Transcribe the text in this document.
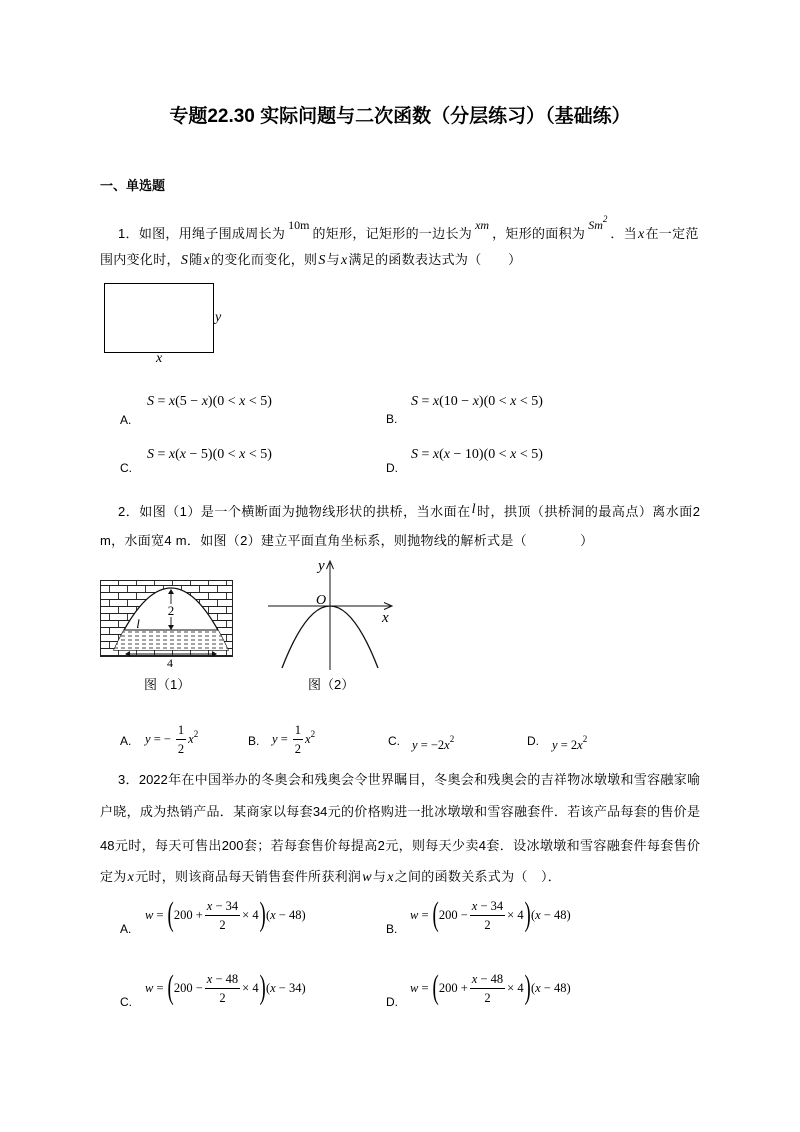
专题22.30 实际问题与二次函数（分层练习）（基础练）
一、单选题
1．如图，用绳子围成周长为10m的矩形，记矩形的一边长为xm，矩形的面积为Sm$^2$．当x在一定范
围内变化时，S随x的变化而变化，则S与x满足的函数表达式为（　　）
y
x
A.
S = x(5 − x)(0 < x < 5)
B.
S = x(10 − x)(0 < x < 5)
C.
S = x(x − 5)(0 < x < 5)
D.
S = x(x − 10)(0 < x < 5)
2．如图（1）是一个横断面为抛物线形状的拱桥，当水面在l时，拱顶（拱桥洞的最高点）离水面2
m，水面宽4 m．如图（2）建立平面直角坐标系，则抛物线的解析式是（　　　　）
2
l
4
图（1）
y
O
x
图（2）
A. y = − $\frac{1}{2}$ x 2	B. $y = \frac{1}{2}$ x 2	C. $y = -2x^2$	D. $y = 2x^2$
3．2022年在中国举办的冬奥会和残奥会令世界瞩目，冬奥会和残奥会的吉祥物冰墩墩和雪容融家喻
户晓，成为热销产品．某商家以每套34元的价格购进一批冰墩墩和雪容融套件．若该产品每套的售价是
48元时，每天可售出200套；若每套售价每提高2元，则每天少卖4套．设冰墩墩和雪容融套件每套售价
定为x元时，则该商品每天销售套件所获利润w与x之间的函数关系式为（　）．
A.
w = ( $200 + \frac{x - 34}{2} \times 4$ ) (x − 48)
B.
w = ( $200 - \frac{x - 34}{2} \times 4$ ) (x − 48)
C.
w = ( $200 - \frac{x - 48}{2} \times 4$ ) (x − 34)
D.
w = ( $200 + \frac{x - 48}{2} \times 4$ ) (x − 48)
